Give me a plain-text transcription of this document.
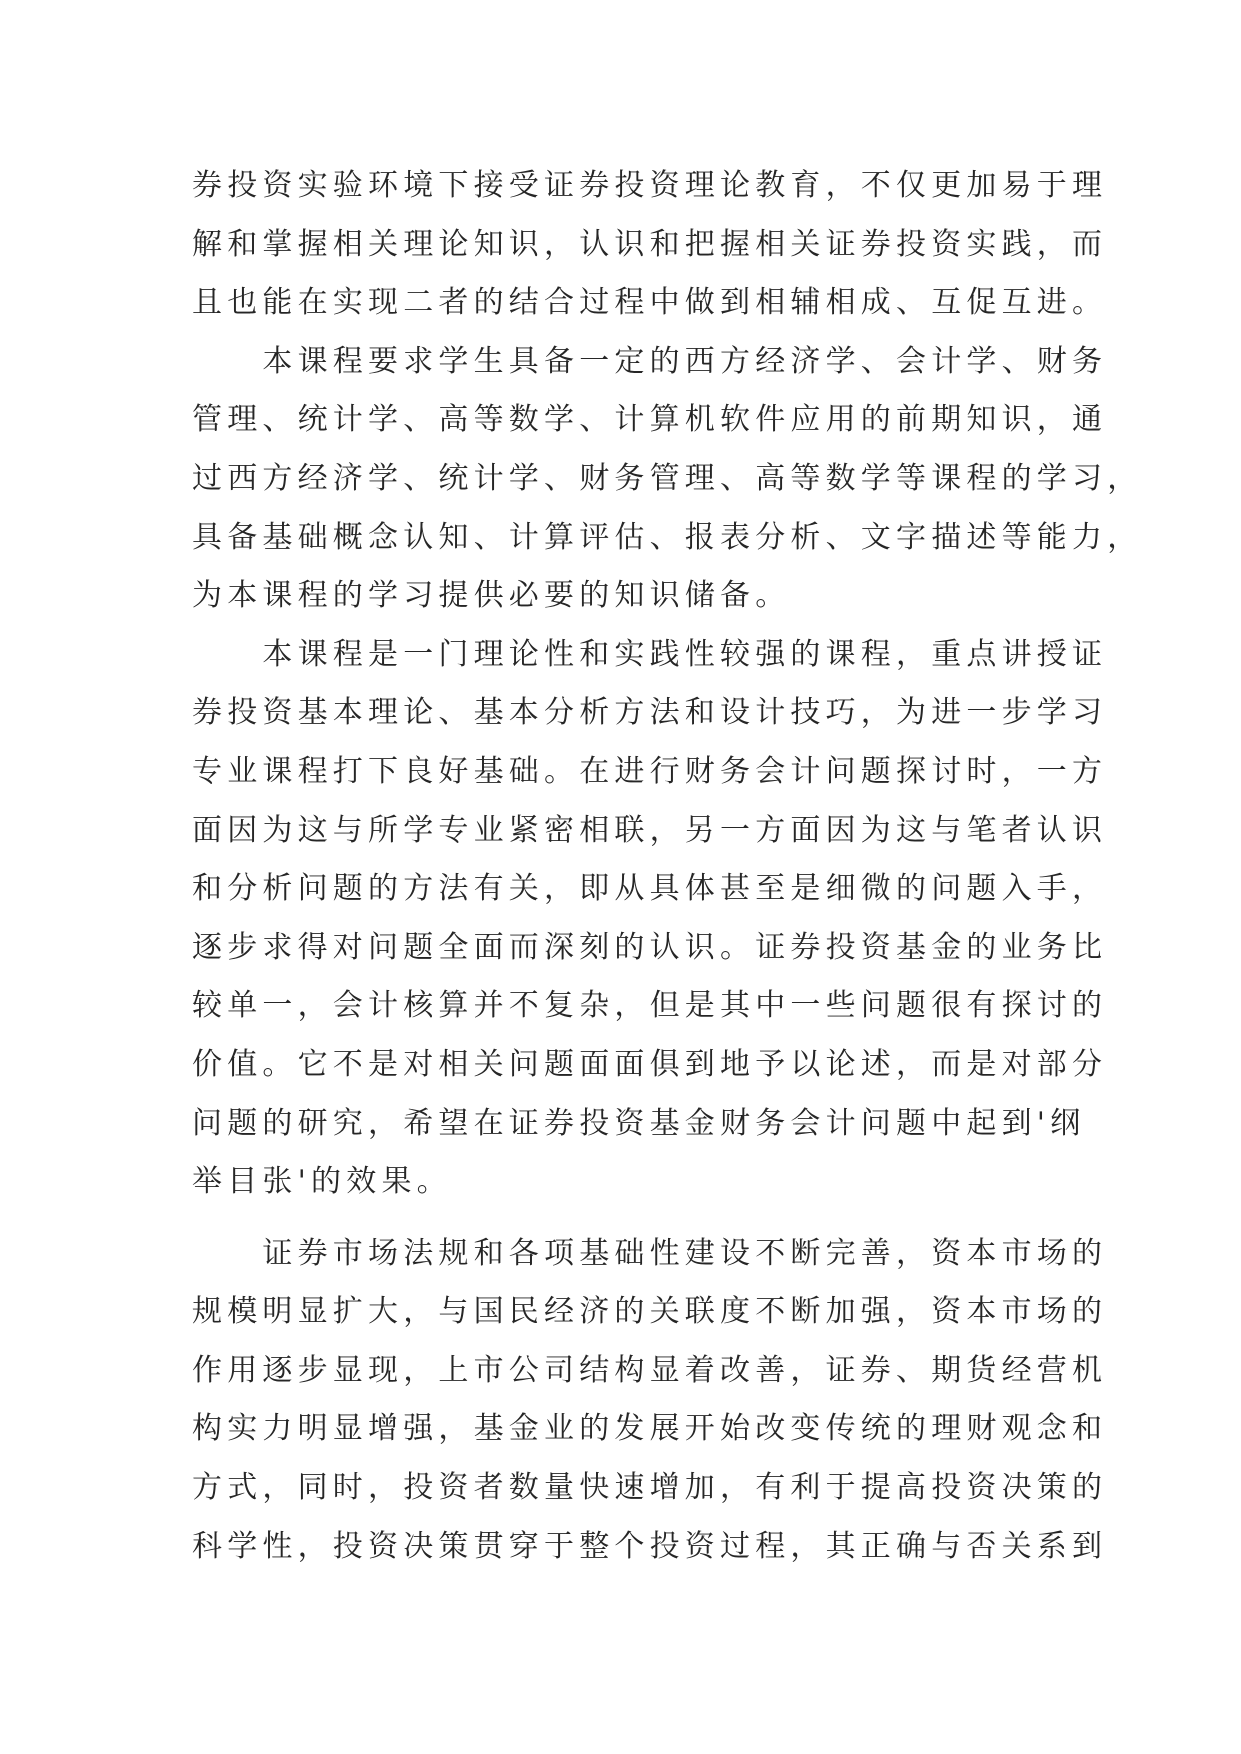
券投资实验环境下接受证券投资理论教育，不仅更加易于理
解和掌握相关理论知识，认识和把握相关证券投资实践，而
且也能在实现二者的结合过程中做到相辅相成、互促互进。
　　本课程要求学生具备一定的西方经济学、会计学、财务
管理、统计学、高等数学、计算机软件应用的前期知识，通
过西方经济学、统计学、财务管理、高等数学等课程的学习，
具备基础概念认知、计算评估、报表分析、文字描述等能力，
为本课程的学习提供必要的知识储备。
　　本课程是一门理论性和实践性较强的课程，重点讲授证
券投资基本理论、基本分析方法和设计技巧，为进一步学习
专业课程打下良好基础。在进行财务会计问题探讨时，一方
面因为这与所学专业紧密相联，另一方面因为这与笔者认识
和分析问题的方法有关，即从具体甚至是细微的问题入手，
逐步求得对问题全面而深刻的认识。证券投资基金的业务比
较单一，会计核算并不复杂，但是其中一些问题很有探讨的
价值。它不是对相关问题面面俱到地予以论述，而是对部分
问题的研究，希望在证券投资基金财务会计问题中起到'纲
举目张'的效果。
　　证券市场法规和各项基础性建设不断完善，资本市场的
规模明显扩大，与国民经济的关联度不断加强，资本市场的
作用逐步显现，上市公司结构显着改善，证券、期货经营机
构实力明显增强，基金业的发展开始改变传统的理财观念和
方式，同时，投资者数量快速增加，有利于提高投资决策的
科学性，投资决策贯穿于整个投资过程，其正确与否关系到
